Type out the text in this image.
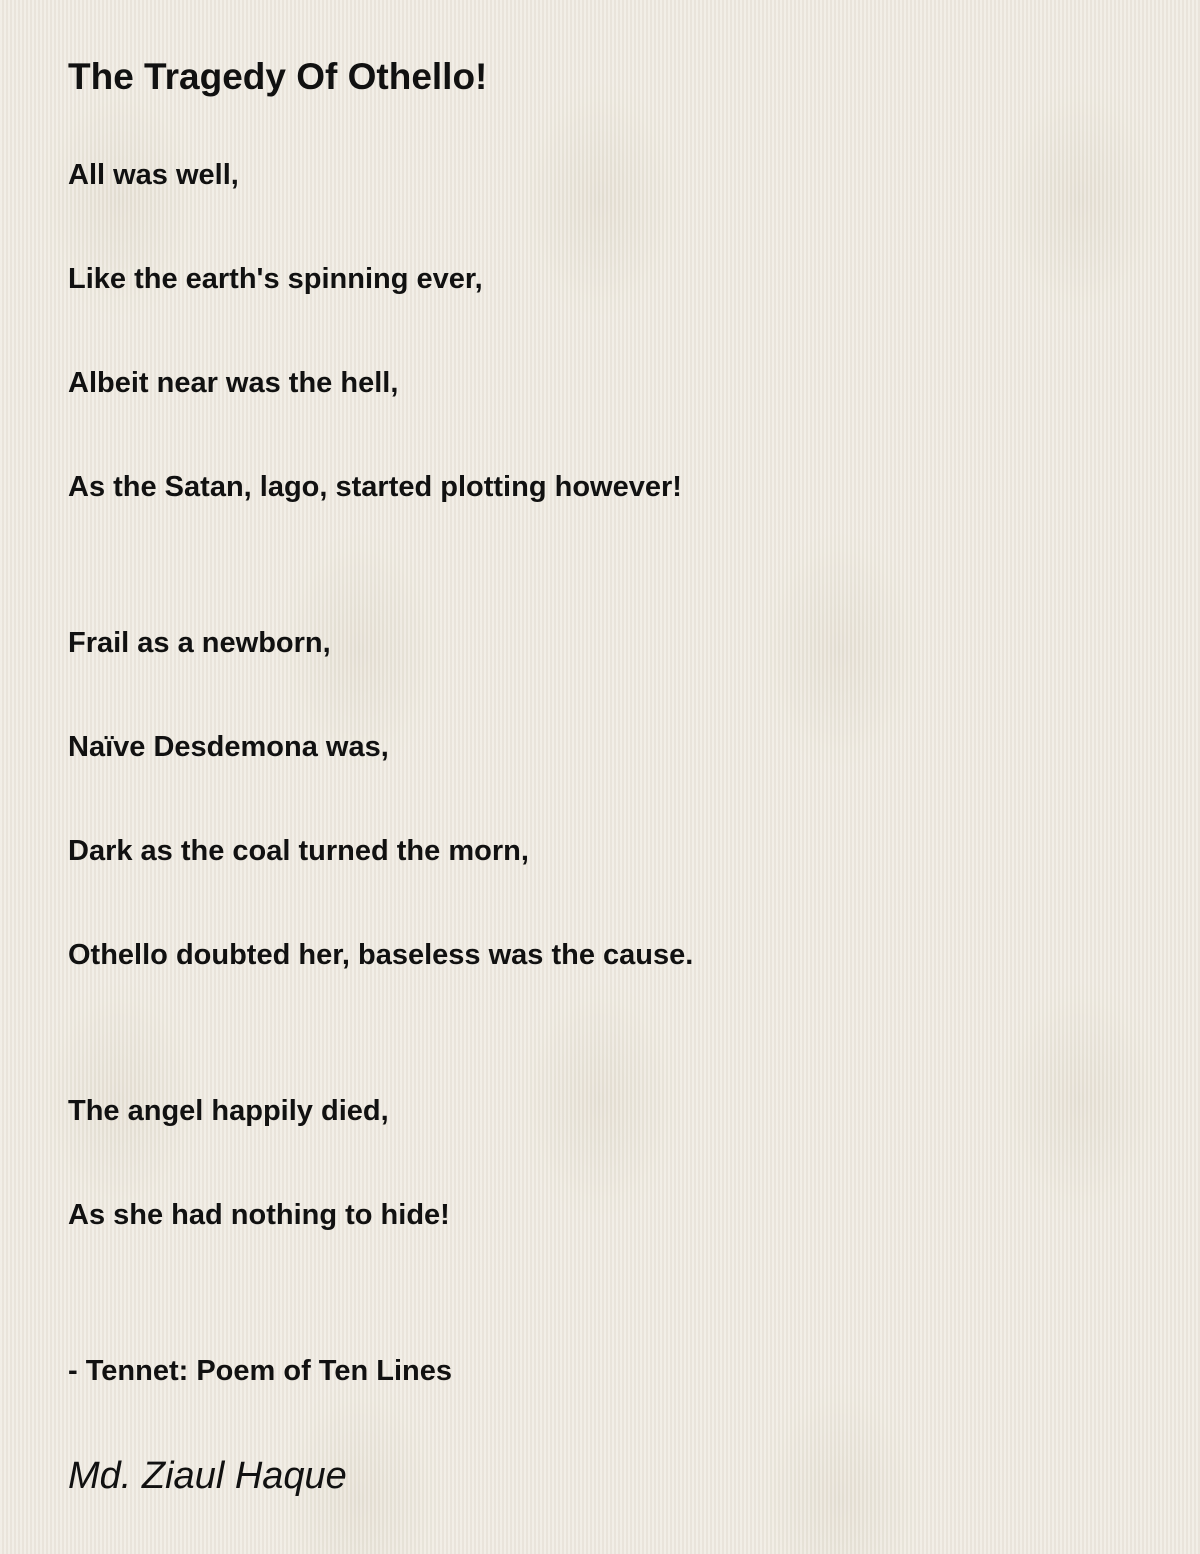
The Tragedy Of Othello!

All was well,

Like the earth's spinning ever,

Albeit near was the hell,

As the Satan, lago, started plotting however!

Frail as a newborn,

Naïve Desdemona was,

Dark as the coal turned the morn,

Othello doubted her, baseless was the cause.

The angel happily died,

As she had nothing to hide!

- Tennet: Poem of Ten Lines

Md. Ziaul Haque
